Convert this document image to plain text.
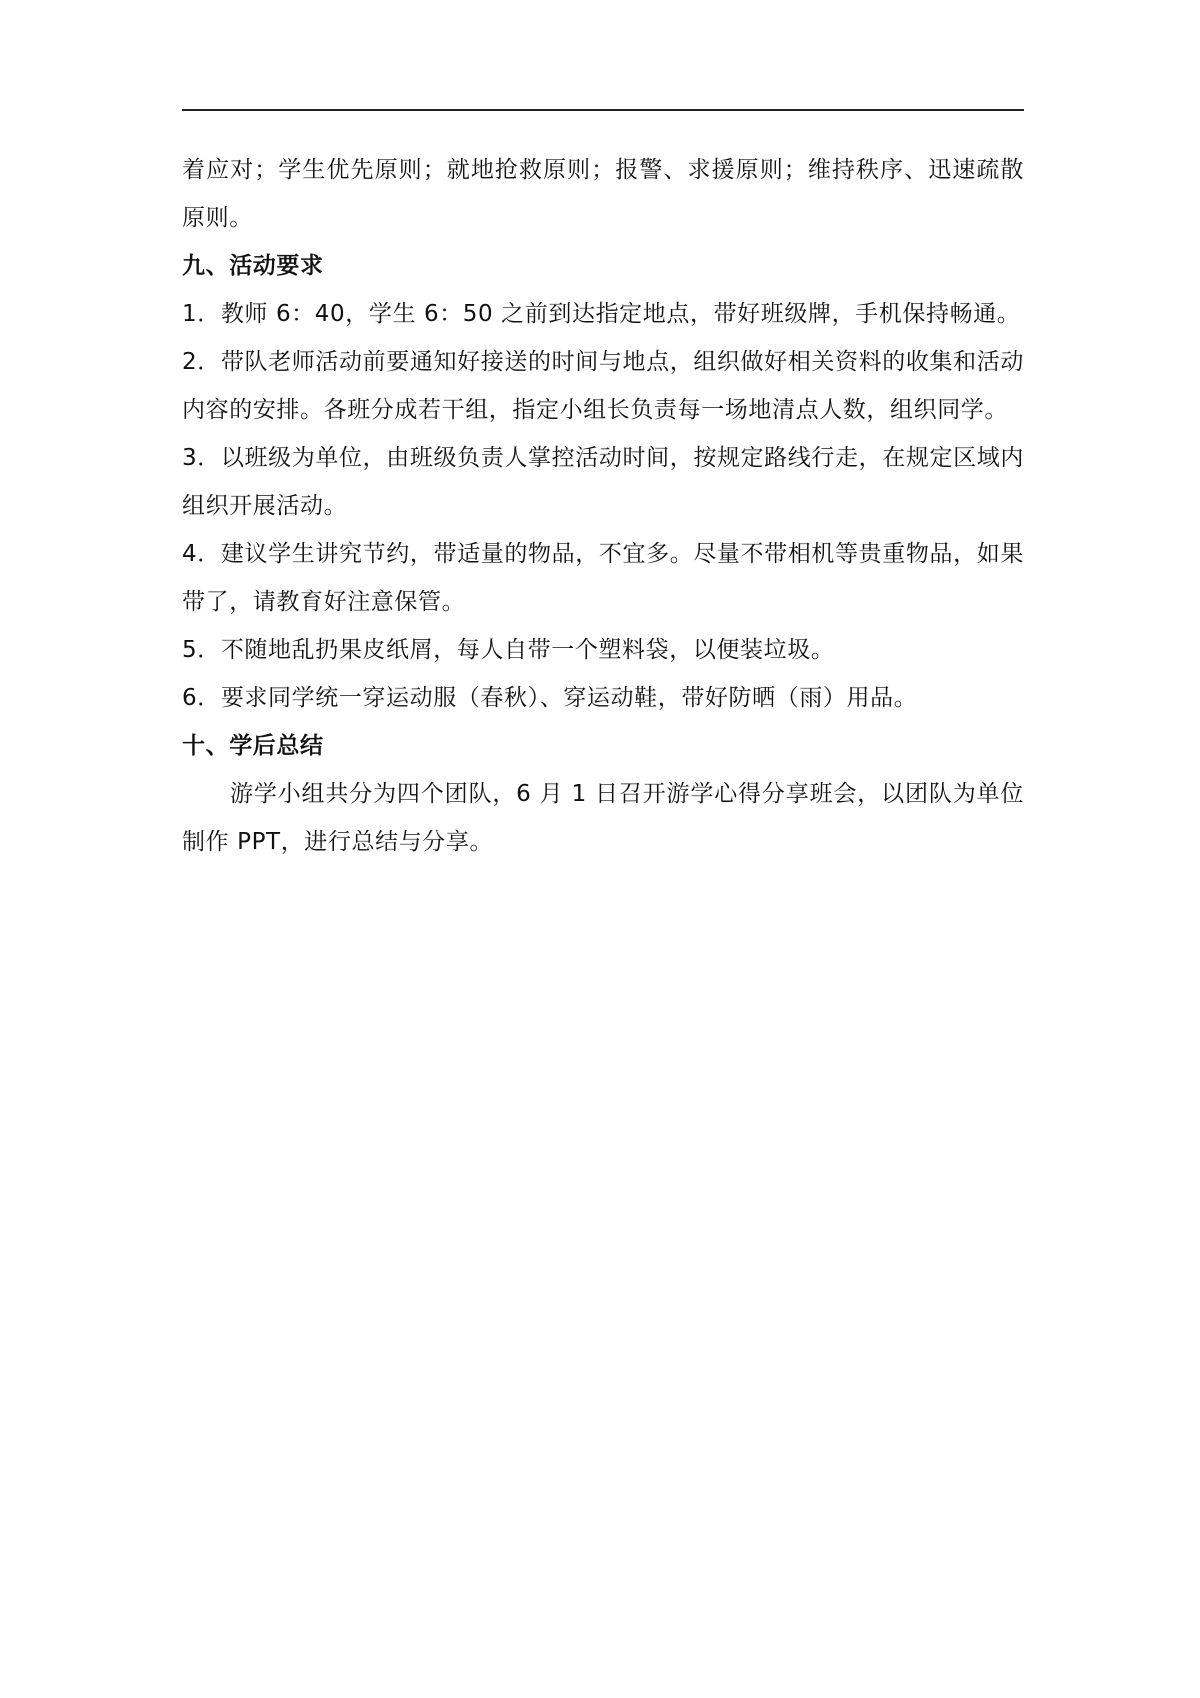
着应对；学生优先原则；就地抢救原则；报警、求援原则；维持秩序、迅速疏散原则。

九、活动要求

1．教师 6：40，学生 6：50 之前到达指定地点，带好班级牌，手机保持畅通。

2．带队老师活动前要通知好接送的时间与地点，组织做好相关资料的收集和活动内容的安排。各班分成若干组，指定小组长负责每一场地清点人数，组织同学。

3．以班级为单位，由班级负责人掌控活动时间，按规定路线行走，在规定区域内组织开展活动。

4．建议学生讲究节约，带适量的物品，不宜多。尽量不带相机等贵重物品，如果带了，请教育好注意保管。

5．不随地乱扔果皮纸屑，每人自带一个塑料袋，以便装垃圾。

6．要求同学统一穿运动服（春秋）、穿运动鞋，带好防晒（雨）用品。

十、学后总结

游学小组共分为四个团队，6 月 1 日召开游学心得分享班会，以团队为单位制作 PPT，进行总结与分享。
